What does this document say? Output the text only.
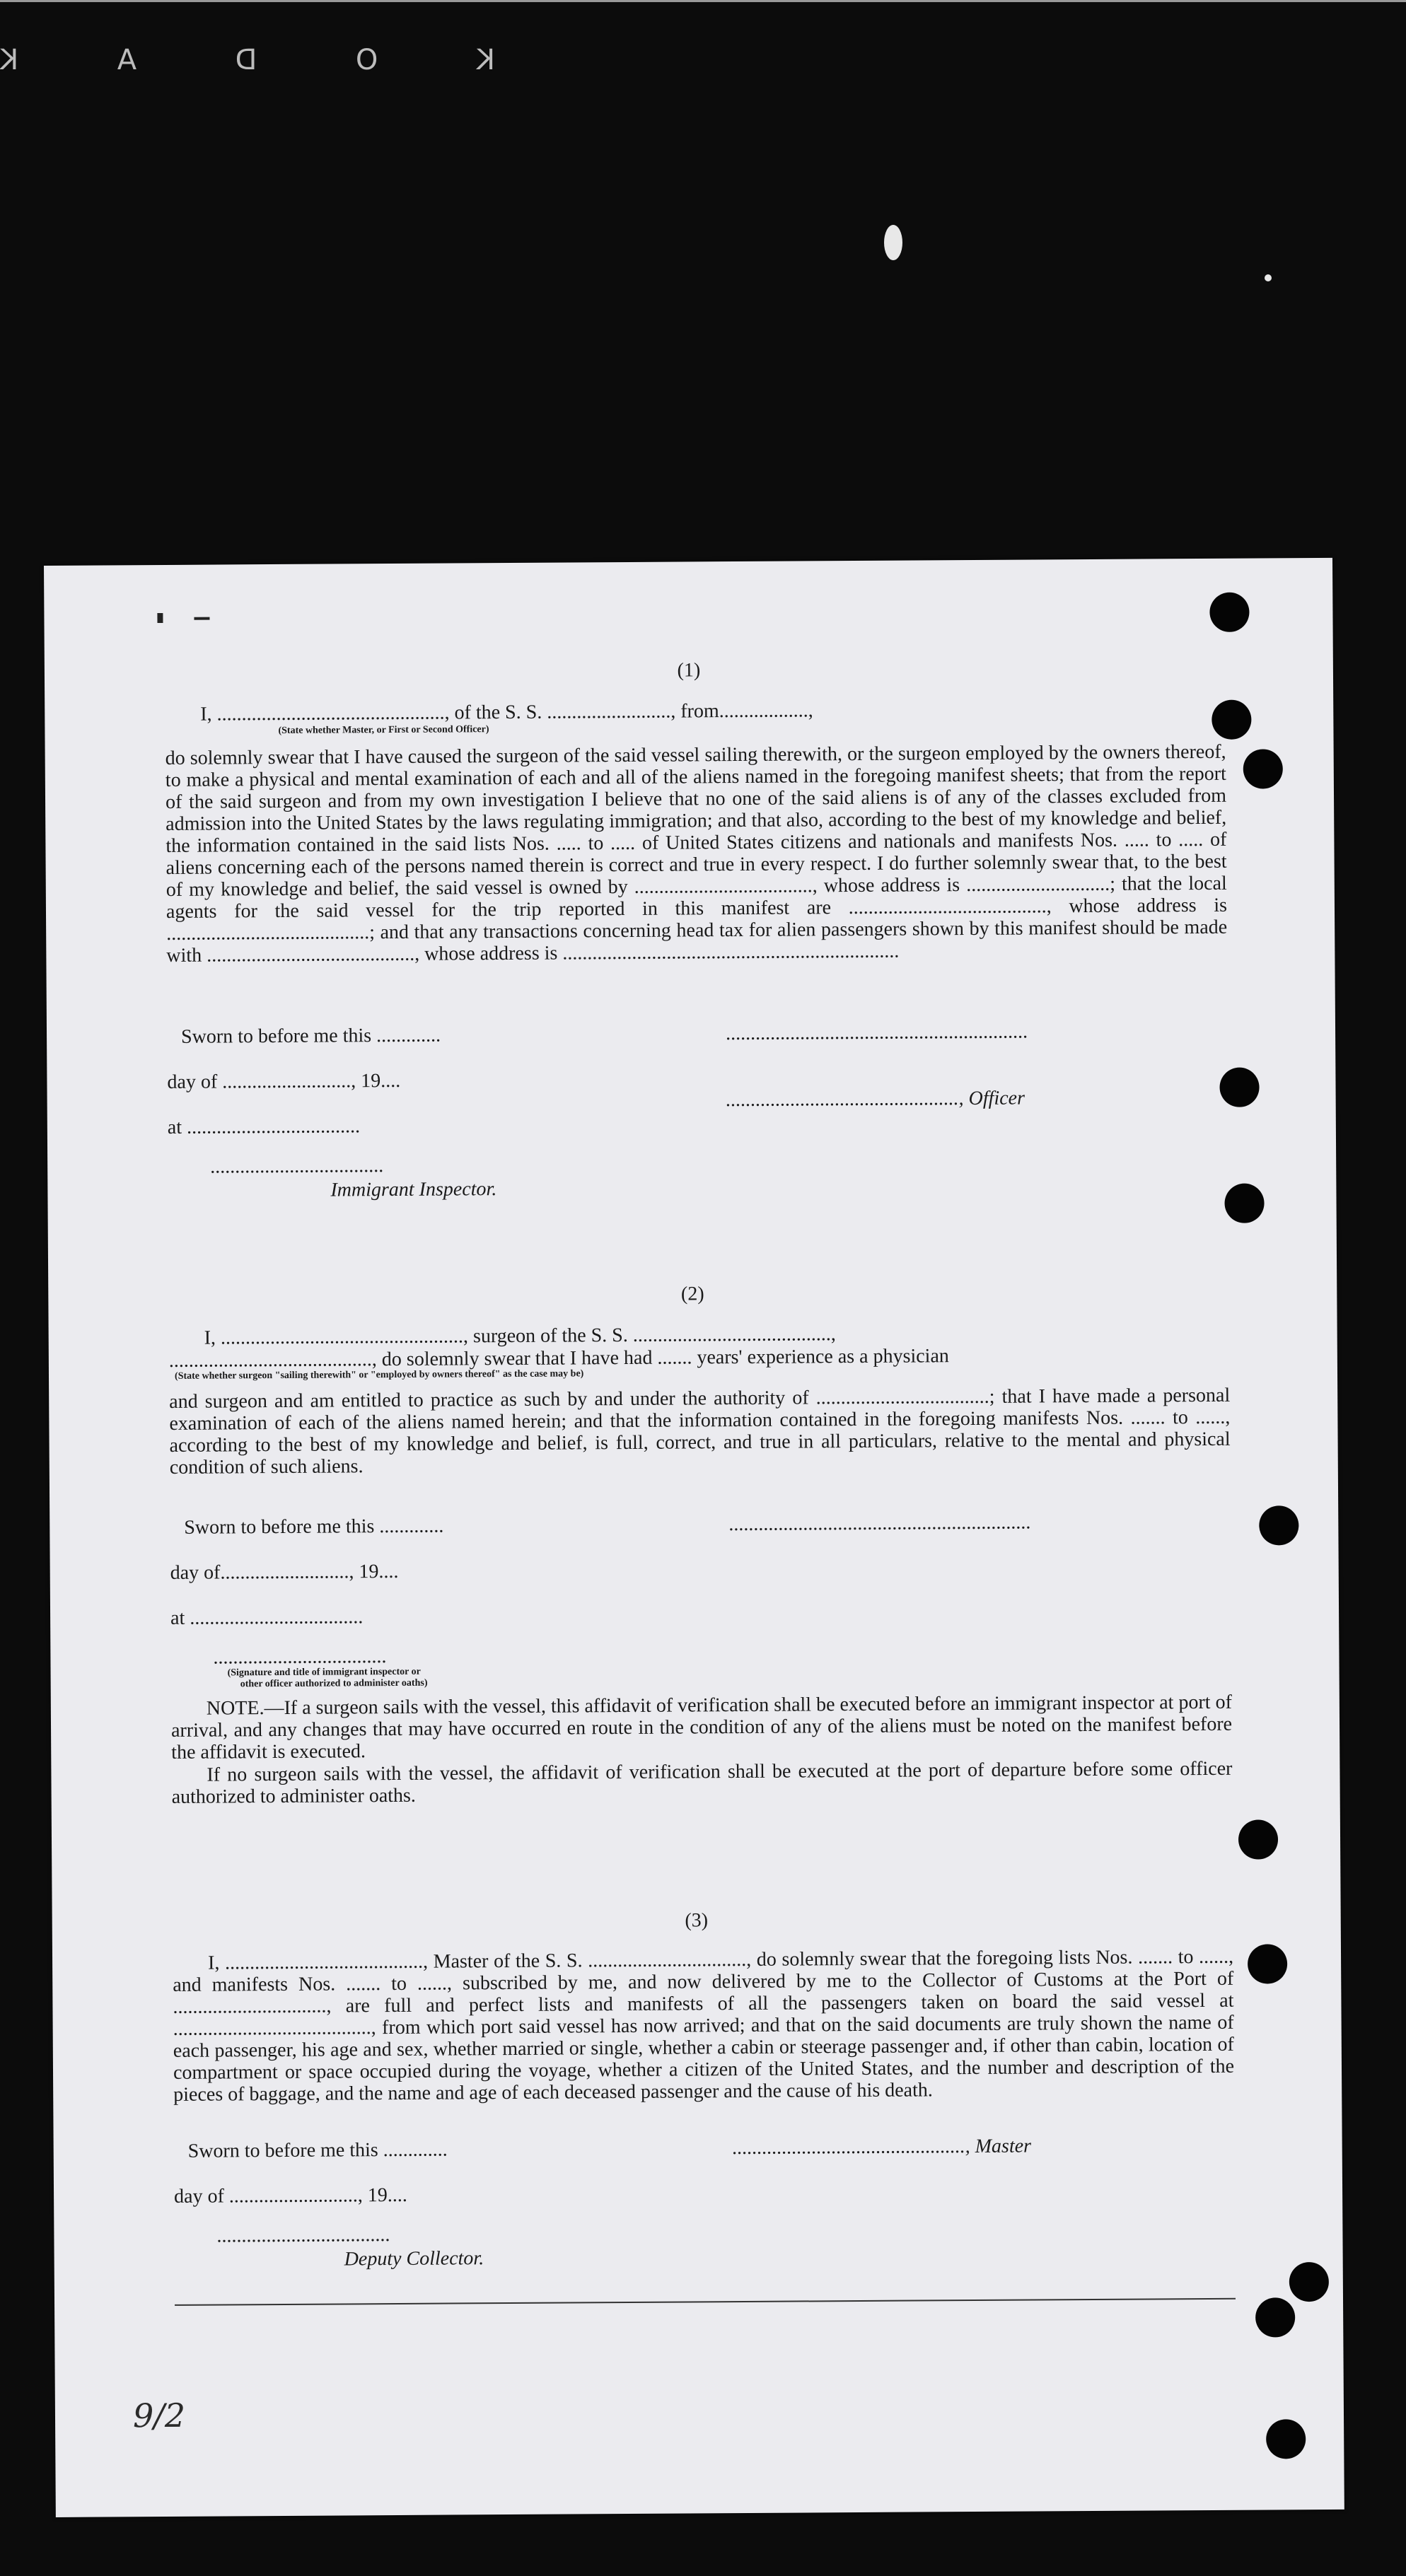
K
O
D
A
K
(1)
I, .............................................., of the S. S. ........................., from..................,
(State whether Master, or First or Second Officer)
do solemnly swear that I have caused the surgeon of the said vessel sailing therewith, or the surgeon employed by the owners thereof, to make a physical and mental examination of each and all of the aliens named in the foregoing manifest sheets; that from the report of the said surgeon and from my own investigation I believe that no one of the said aliens is of any of the classes excluded from admission into the United States by the laws regulating immigration; and that also, according to the best of my knowledge and belief, the information contained in the said lists Nos. ..... to ..... of United States citizens and nationals and manifests Nos. ..... to ..... of aliens concerning each of the persons named therein is correct and true in every respect. I do further solemnly swear that, to the best of my knowledge and belief, the said vessel is owned by ...................................., whose address is .............................; that the local agents for the said vessel for the trip reported in this manifest are ........................................, whose address is .........................................; and that any transactions concerning head tax for alien passengers shown by this manifest should be made with .........................................., whose address is ....................................................................
Sworn to before me this .............	.............................................................
day of .........................., 19....
..............................................., Officer
at ...................................
...................................
Immigrant Inspector.
(2)
I, ................................................., surgeon of the S. S. ........................................,
........................................., do solemnly swear that I have had ....... years' experience as a physician
(State whether surgeon "sailing therewith" or "employed by owners thereof" as the case may be)
and surgeon and am entitled to practice as such by and under the authority of ...................................; that I have made a personal examination of each of the aliens named herein; and that the information contained in the foregoing manifests Nos. ....... to ......, according to the best of my knowledge and belief, is full, correct, and true in all particulars, relative to the mental and physical condition of such aliens.
Sworn to before me this .............	.............................................................
day of.........................., 19....
at ...................................
...................................
(Signature and title of immigrant inspector or
other officer authorized to administer oaths)
NOTE.—If a surgeon sails with the vessel, this affidavit of verification shall be executed before an immigrant inspector at port of arrival, and any changes that may have occurred en route in the condition of any of the aliens must be noted on the manifest before the affidavit is executed.
If no surgeon sails with the vessel, the affidavit of verification shall be executed at the port of departure before some officer authorized to administer oaths.
(3)
I, ........................................, Master of the S. S. ................................, do solemnly swear that the foregoing lists Nos. ....... to ......, and manifests Nos. ....... to ......, subscribed by me, and now delivered by me to the Collector of Customs at the Port of ..............................., are full and perfect lists and manifests of all the passengers taken on board the said vessel at ........................................, from which port said vessel has now arrived; and that on the said documents are truly shown the name of each passenger, his age and sex, whether married or single, whether a cabin or steerage passenger and, if other than cabin, location of compartment or space occupied during the voyage, whether a citizen of the United States, and the number and description of the pieces of baggage, and the name and age of each deceased passenger and the cause of his death.
Sworn to before me this .............	..............................................., Master
day of .........................., 19....
...................................
Deputy Collector.
9/2
